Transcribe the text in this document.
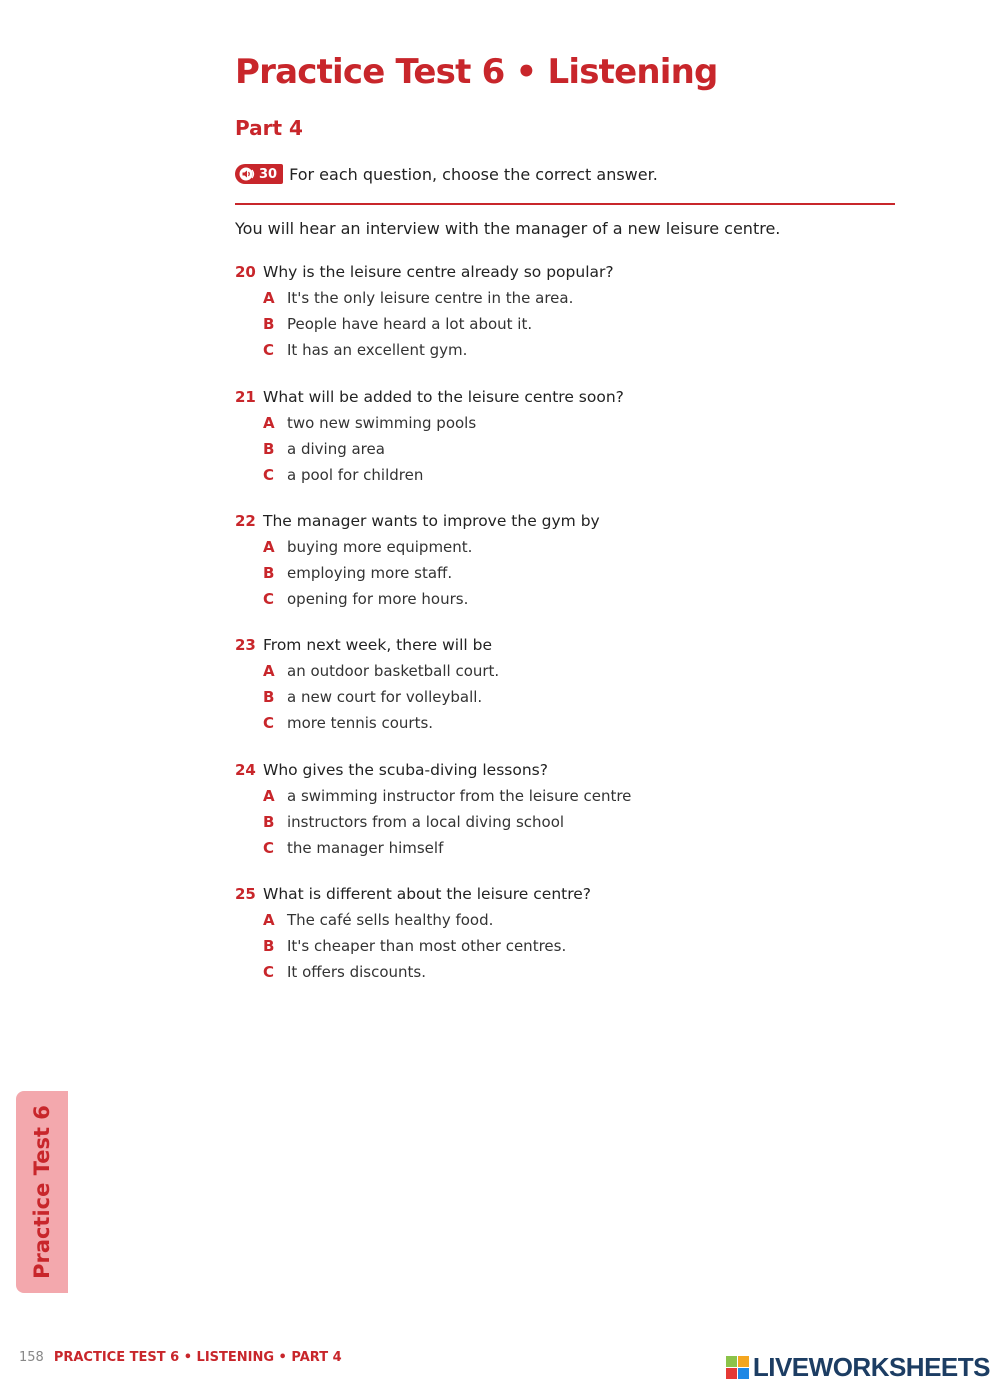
Practice Test 6 • Listening
Part 4
30 For each question, choose the correct answer.
You will hear an interview with the manager of a new leisure centre.
20 Why is the leisure centre already so popular?
A It's the only leisure centre in the area.
B People have heard a lot about it.
C It has an excellent gym.
21 What will be added to the leisure centre soon?
A two new swimming pools
B a diving area
C a pool for children
22 The manager wants to improve the gym by
A buying more equipment.
B employing more staff.
C opening for more hours.
23 From next week, there will be
A an outdoor basketball court.
B a new court for volleyball.
C more tennis courts.
24 Who gives the scuba-diving lessons?
A a swimming instructor from the leisure centre
B instructors from a local diving school
C the manager himself
25 What is different about the leisure centre?
A The café sells healthy food.
B It's cheaper than most other centres.
C It offers discounts.
Practice Test 6
158 PRACTICE TEST 6 • LISTENING • PART 4	LIVEWORKSHEETS
